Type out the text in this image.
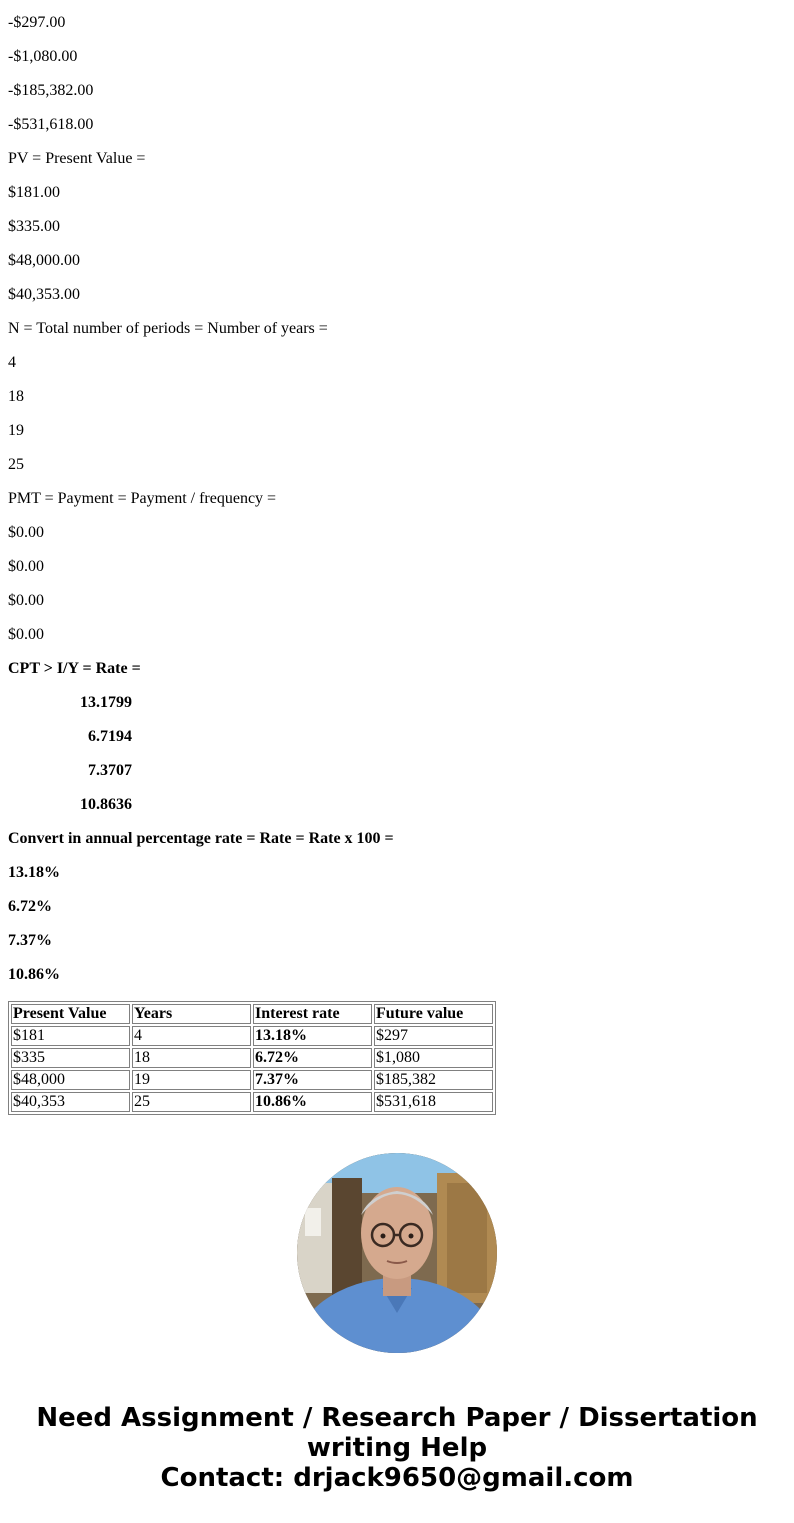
-$297.00
-$1,080.00
-$185,382.00
-$531,618.00
PV = Present Value =
$181.00
$335.00
$48,000.00
$40,353.00
N = Total number of periods = Number of years =
4
18
19
25
PMT = Payment = Payment / frequency =
$0.00
$0.00
$0.00
$0.00
CPT > I/Y = Rate =
13.1799
6.7194
7.3707
10.8636
Convert in annual percentage rate = Rate = Rate x 100 =
13.18%
6.72%
7.37%
10.86%
Present Value	Years	Interest rate	Future value
$181	4	13.18%	$297
$335	18	6.72%	$1,080
$48,000	19	7.37%	$185,382
$40,353	25	10.86%	$531,618
Need Assignment / Research Paper / Dissertation
writing Help
Contact: drjack9650@gmail.com
